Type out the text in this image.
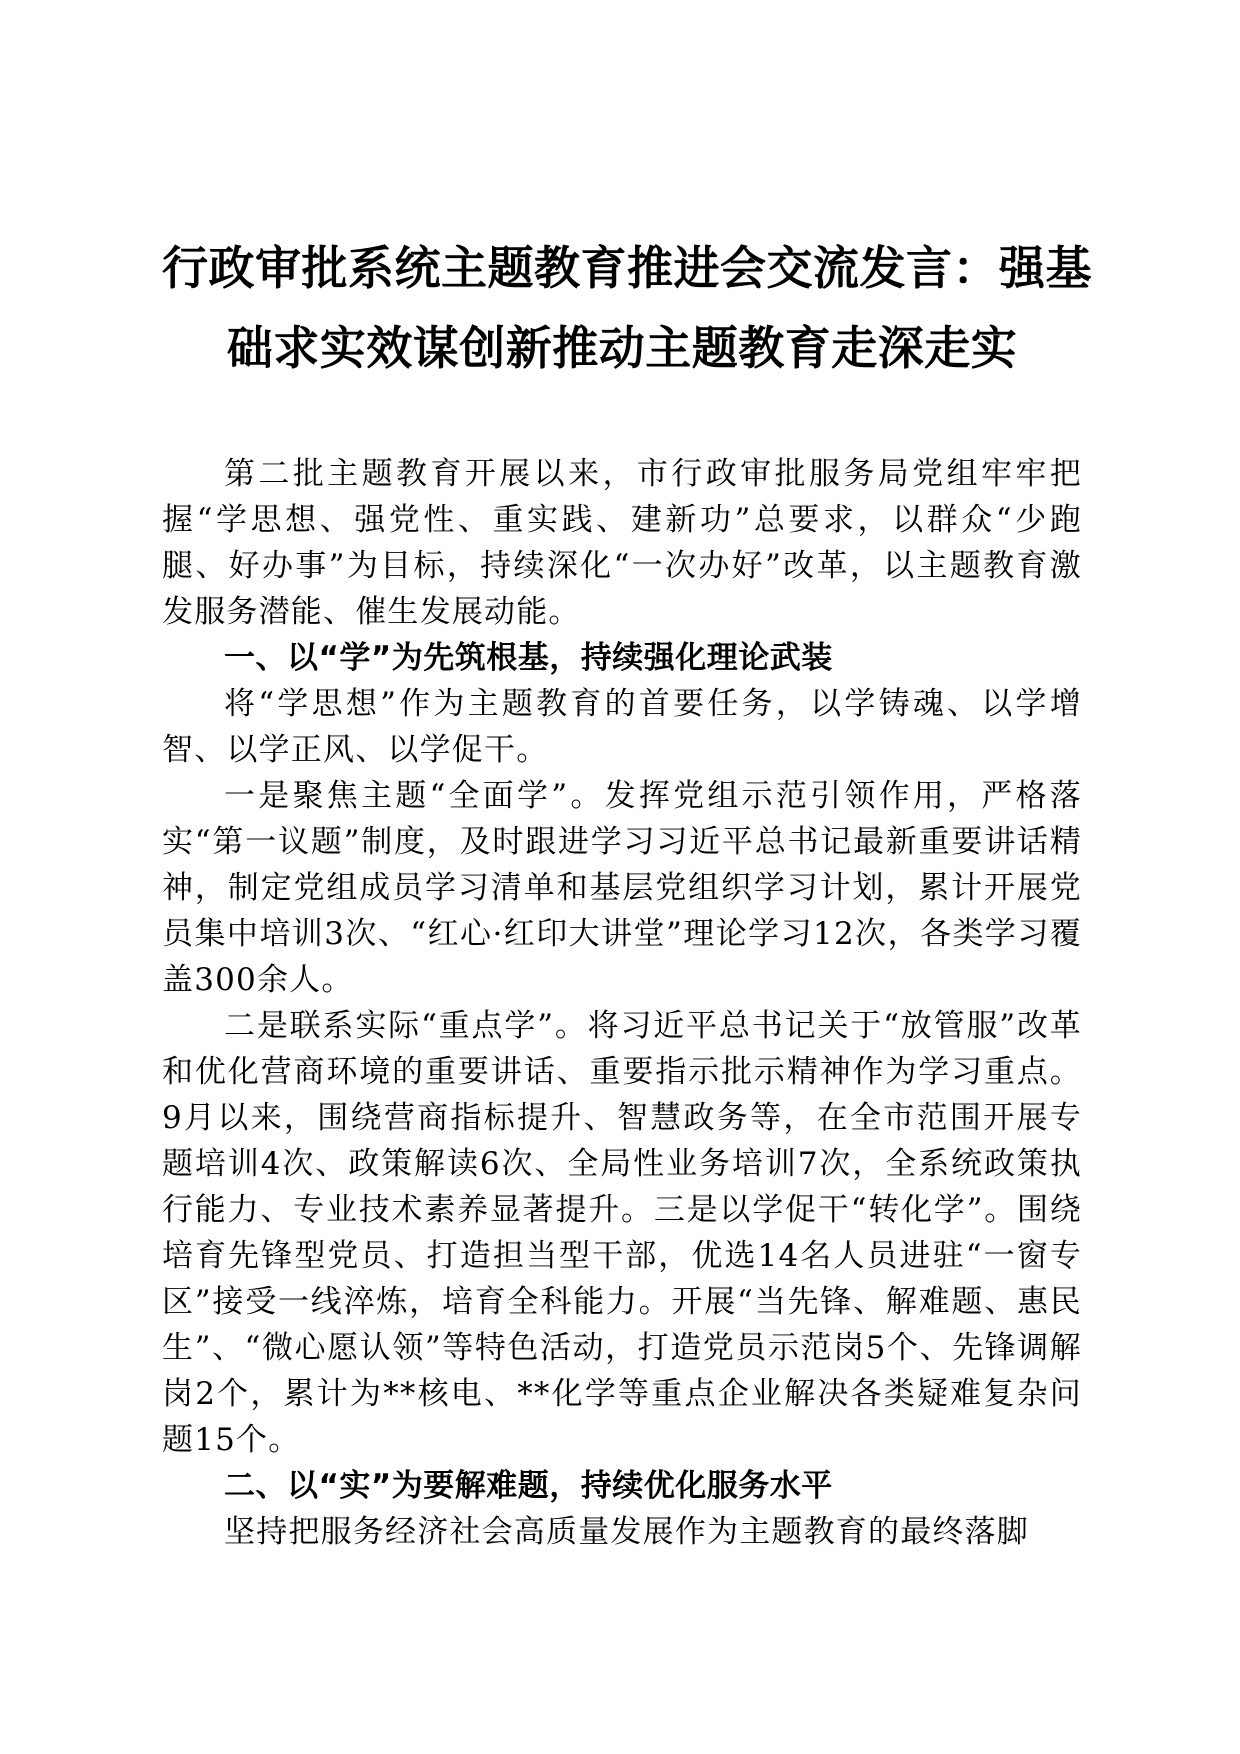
行政审批系统主题教育推进会交流发言：强基
础求实效谋创新推动主题教育走深走实

第二批主题教育开展以来，市行政审批服务局党组牢牢把握“学思想、强党性、重实践、建新功”总要求，以群众“少跑腿、好办事”为目标，持续深化“一次办好”改革，以主题教育激发服务潜能、催生发展动能。

一、以“学”为先筑根基，持续强化理论武装

将“学思想”作为主题教育的首要任务，以学铸魂、以学增智、以学正风、以学促干。

一是聚焦主题“全面学”。发挥党组示范引领作用，严格落实“第一议题”制度，及时跟进学习习近平总书记最新重要讲话精神，制定党组成员学习清单和基层党组织学习计划，累计开展党员集中培训3次、“红心·红印大讲堂”理论学习12次，各类学习覆盖300余人。

二是联系实际“重点学”。将习近平总书记关于“放管服”改革和优化营商环境的重要讲话、重要指示批示精神作为学习重点。9月以来，围绕营商指标提升、智慧政务等，在全市范围开展专题培训4次、政策解读6次、全局性业务培训7次，全系统政策执行能力、专业技术素养显著提升。三是以学促干“转化学”。围绕培育先锋型党员、打造担当型干部，优选14名人员进驻“一窗专区”接受一线淬炼，培育全科能力。开展“当先锋、解难题、惠民生”、“微心愿认领”等特色活动，打造党员示范岗5个、先锋调解岗2个，累计为**核电、**化学等重点企业解决各类疑难复杂问题15个。

二、以“实”为要解难题，持续优化服务水平

坚持把服务经济社会高质量发展作为主题教育的最终落脚
